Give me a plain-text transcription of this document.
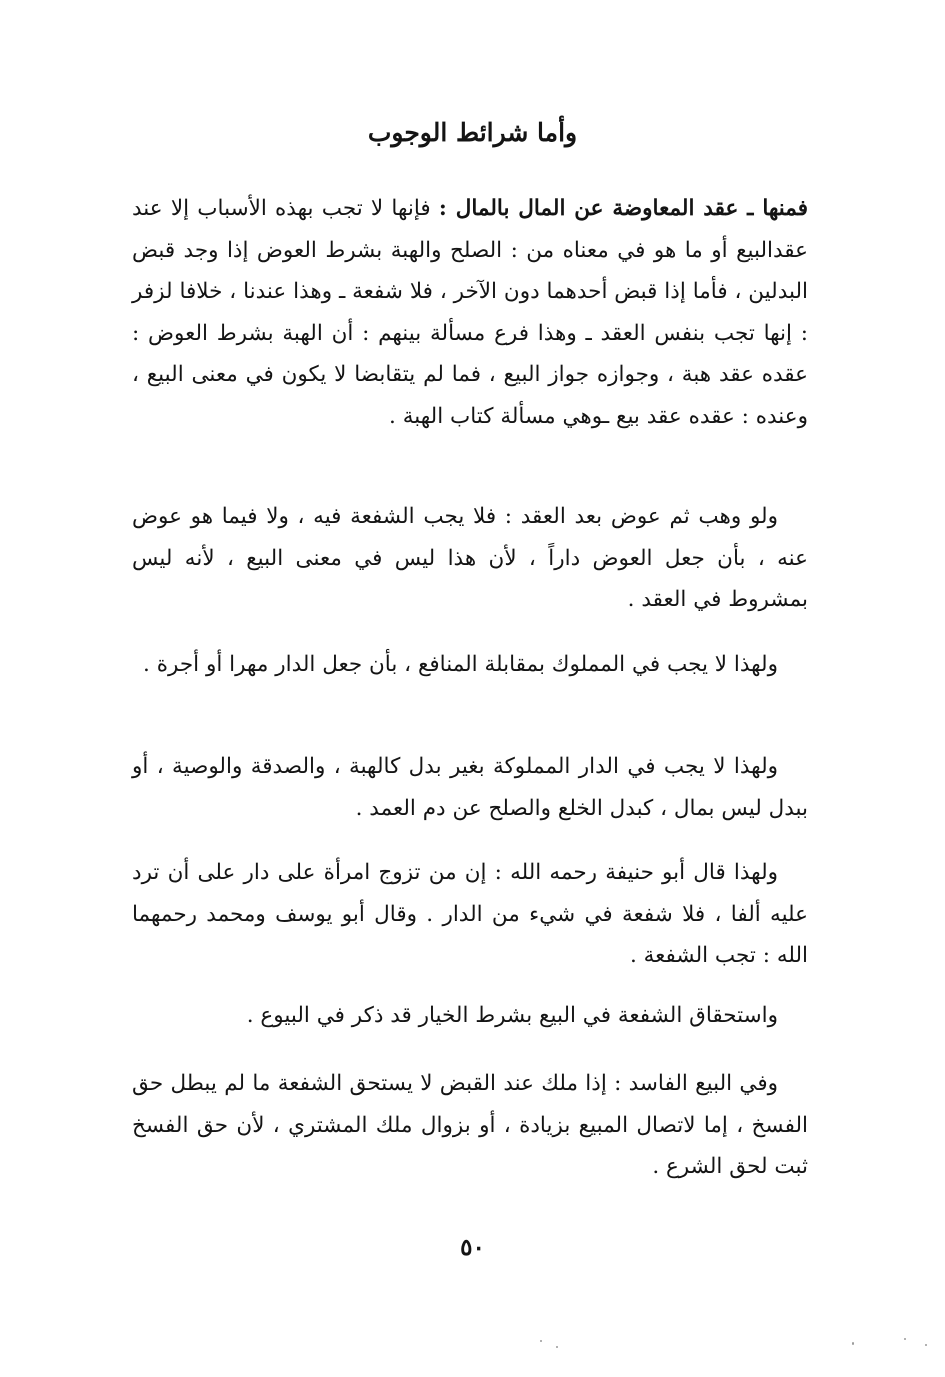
وأما شرائط الوجوب

فمنها ـ عقد المعاوضة عن المال بالمال : فإنها لا تجب بهذه الأسباب إلا عند عقدالبيع أو ما هو في معناه من : الصلح والهبة بشرط العوض إذا وجد قبض البدلين ، فأما إذا قبض أحدهما دون الآخر ، فلا شفعة ـ وهذا عندنا ، خلافا لزفر : إنها تجب بنفس العقد ـ وهذا فرع مسألة بينهم : أن الهبة بشرط العوض : عقده عقد هبة ، وجوازه جواز البيع ، فما لم يتقابضا لا يكون في معنى البيع ، وعنده : عقده عقد بيع ـوهي مسألة كتاب الهبة .

ولو وهب ثم عوض بعد العقد : فلا يجب الشفعة فيه ، ولا فيما هو عوض عنه ، بأن جعل العوض داراً ، لأن هذا ليس في معنى البيع ، لأنه ليس بمشروط في العقد .

ولهذا لا يجب في المملوك بمقابلة المنافع ، بأن جعل الدار مهرا أو أجرة .

ولهذا لا يجب في الدار المملوكة بغير بدل كالهبة ، والصدقة والوصية ، أو ببدل ليس بمال ، كبدل الخلع والصلح عن دم العمد .

ولهذا قال أبو حنيفة رحمه الله : إن من تزوج امرأة على دار على أن ترد عليه ألفا ، فلا شفعة في شيء من الدار . وقال أبو يوسف ومحمد رحمهما الله : تجب الشفعة .

واستحقاق الشفعة في البيع بشرط الخيار قد ذكر في البيوع .

وفي البيع الفاسد : إذا ملك عند القبض لا يستحق الشفعة ما لم يبطل حق الفسخ ، إما لاتصال المبيع بزيادة ، أو بزوال ملك المشتري ، لأن حق الفسخ ثبت لحق الشرع .

٥٠
